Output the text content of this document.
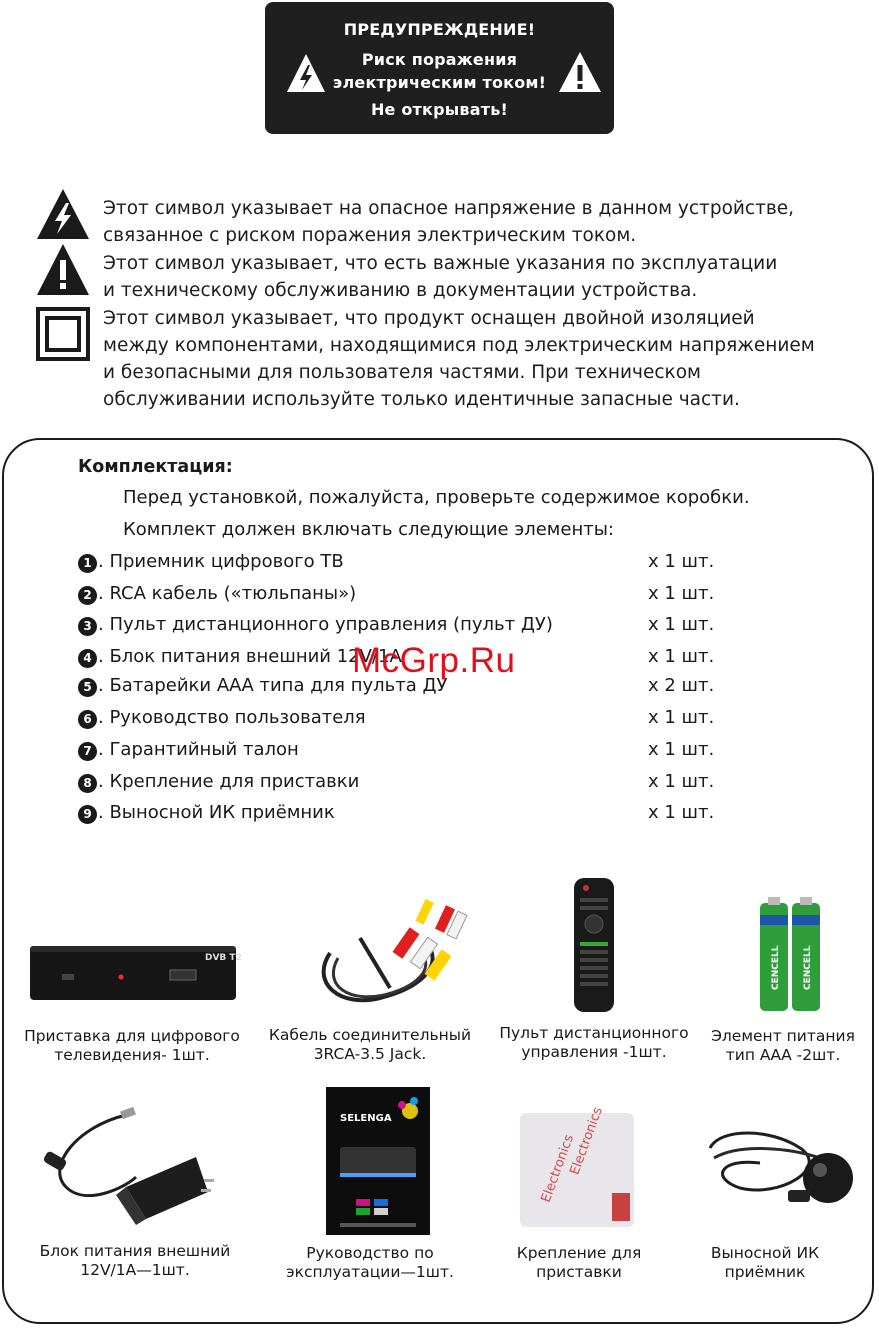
ПРЕДУПРЕЖДЕНИЕ!
Риск поражения
электрическим током!
Не открывать!
Этот символ указывает на опасное напряжение в данном устройстве,
связанное с риском поражения электрическим током.
Этот символ указывает, что есть важные указания по эксплуатации
и техническому обслуживанию в документации устройства.
Этот символ указывает, что продукт оснащен двойной изоляцией
между компонентами, находящимися под электрическим напряжением
и безопасными для пользователя частями. При техническом
обслуживании используйте только идентичные запасные части.
Комплектация:
Перед установкой, пожалуйста, проверьте содержимое коробки.
Комплект должен включать следующие элементы:
1 . Приемник цифрового ТВ	x 1 шт.
2 . RCA кабель («тюльпаны»)	x 1 шт.
3 . Пульт дистанционного управления (пульт ДУ)	x 1 шт.
4 . Блок питания внешний 12V/1A	x 1 шт.
5 . Батарейки ААА типа для пульта ДУ	x 2 шт.
6 . Руководство пользователя	x 1 шт.
7 . Гарантийный талон	x 1 шт.
8 . Крепление для приставки	x 1 шт.
9 . Выносной ИК приёмник	x 1 шт.
McGrp.Ru
DVB T2	CENCELL CENCELL
Приставка для цифрового
телевидения- 1шт.
Кабель соединительный
3RCA-3.5 Jack.
Пульт дистанционного
управления -1шт.
Элемент питания
тип ААА -2шт.
SELENGA
Electronics
Electronics
Блок питания внешний
12V/1A—1шт.
Руководство по
эксплуатации—1шт.
Крепление для
приставки
Выносной ИК
приёмник
